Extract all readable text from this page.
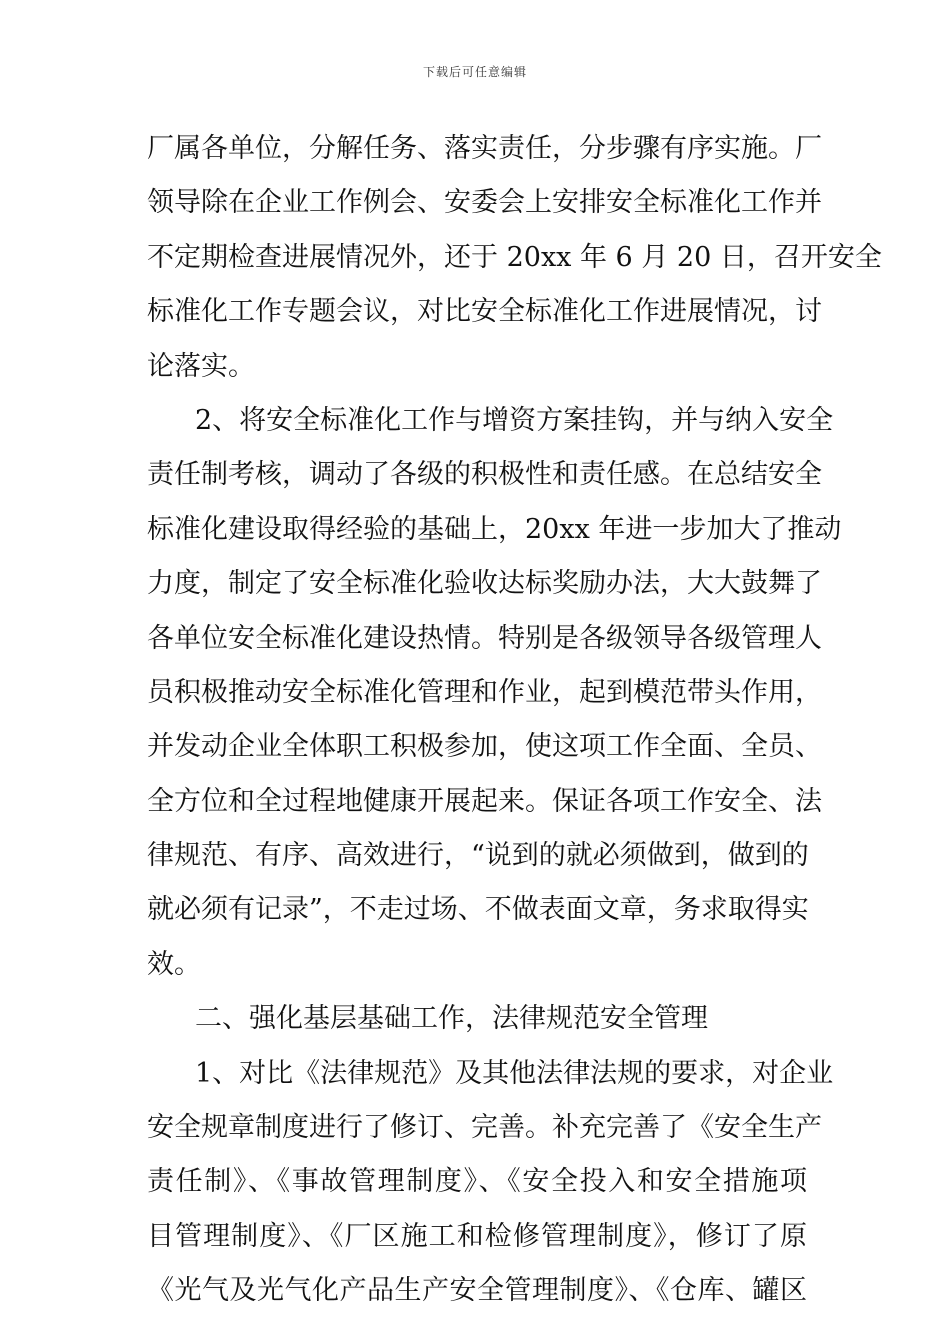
下载后可任意编辑
厂属各单位，分解任务、落实责任，分步骤有序实施。厂
领导除在企业工作例会、安委会上安排安全标准化工作并
不定期检查进展情况外，还于 20xx 年 6 月 20 日，召开安全
标准化工作专题会议，对比安全标准化工作进展情况，讨
论落实。
2、将安全标准化工作与增资方案挂钩，并与纳入安全
责任制考核，调动了各级的积极性和责任感。在总结安全
标准化建设取得经验的基础上，20xx 年进一步加大了推动
力度，制定了安全标准化验收达标奖励办法，大大鼓舞了
各单位安全标准化建设热情。特别是各级领导各级管理人
员积极推动安全标准化管理和作业，起到模范带头作用，
并发动企业全体职工积极参加，使这项工作全面、全员、
全方位和全过程地健康开展起来。保证各项工作安全、法
律规范、有序、高效进行，“说到的就必须做到，做到的
就必须有记录”，不走过场、不做表面文章，务求取得实
效。
二、强化基层基础工作，法律规范安全管理
1、对比《法律规范》及其他法律法规的要求，对企业
安全规章制度进行了修订、完善。补充完善了《安全生产
责任制》、《事故管理制度》、《安全投入和安全措施项
目管理制度》、《厂区施工和检修管理制度》，修订了原
《光气及光气化产品生产安全管理制度》、《仓库、罐区
